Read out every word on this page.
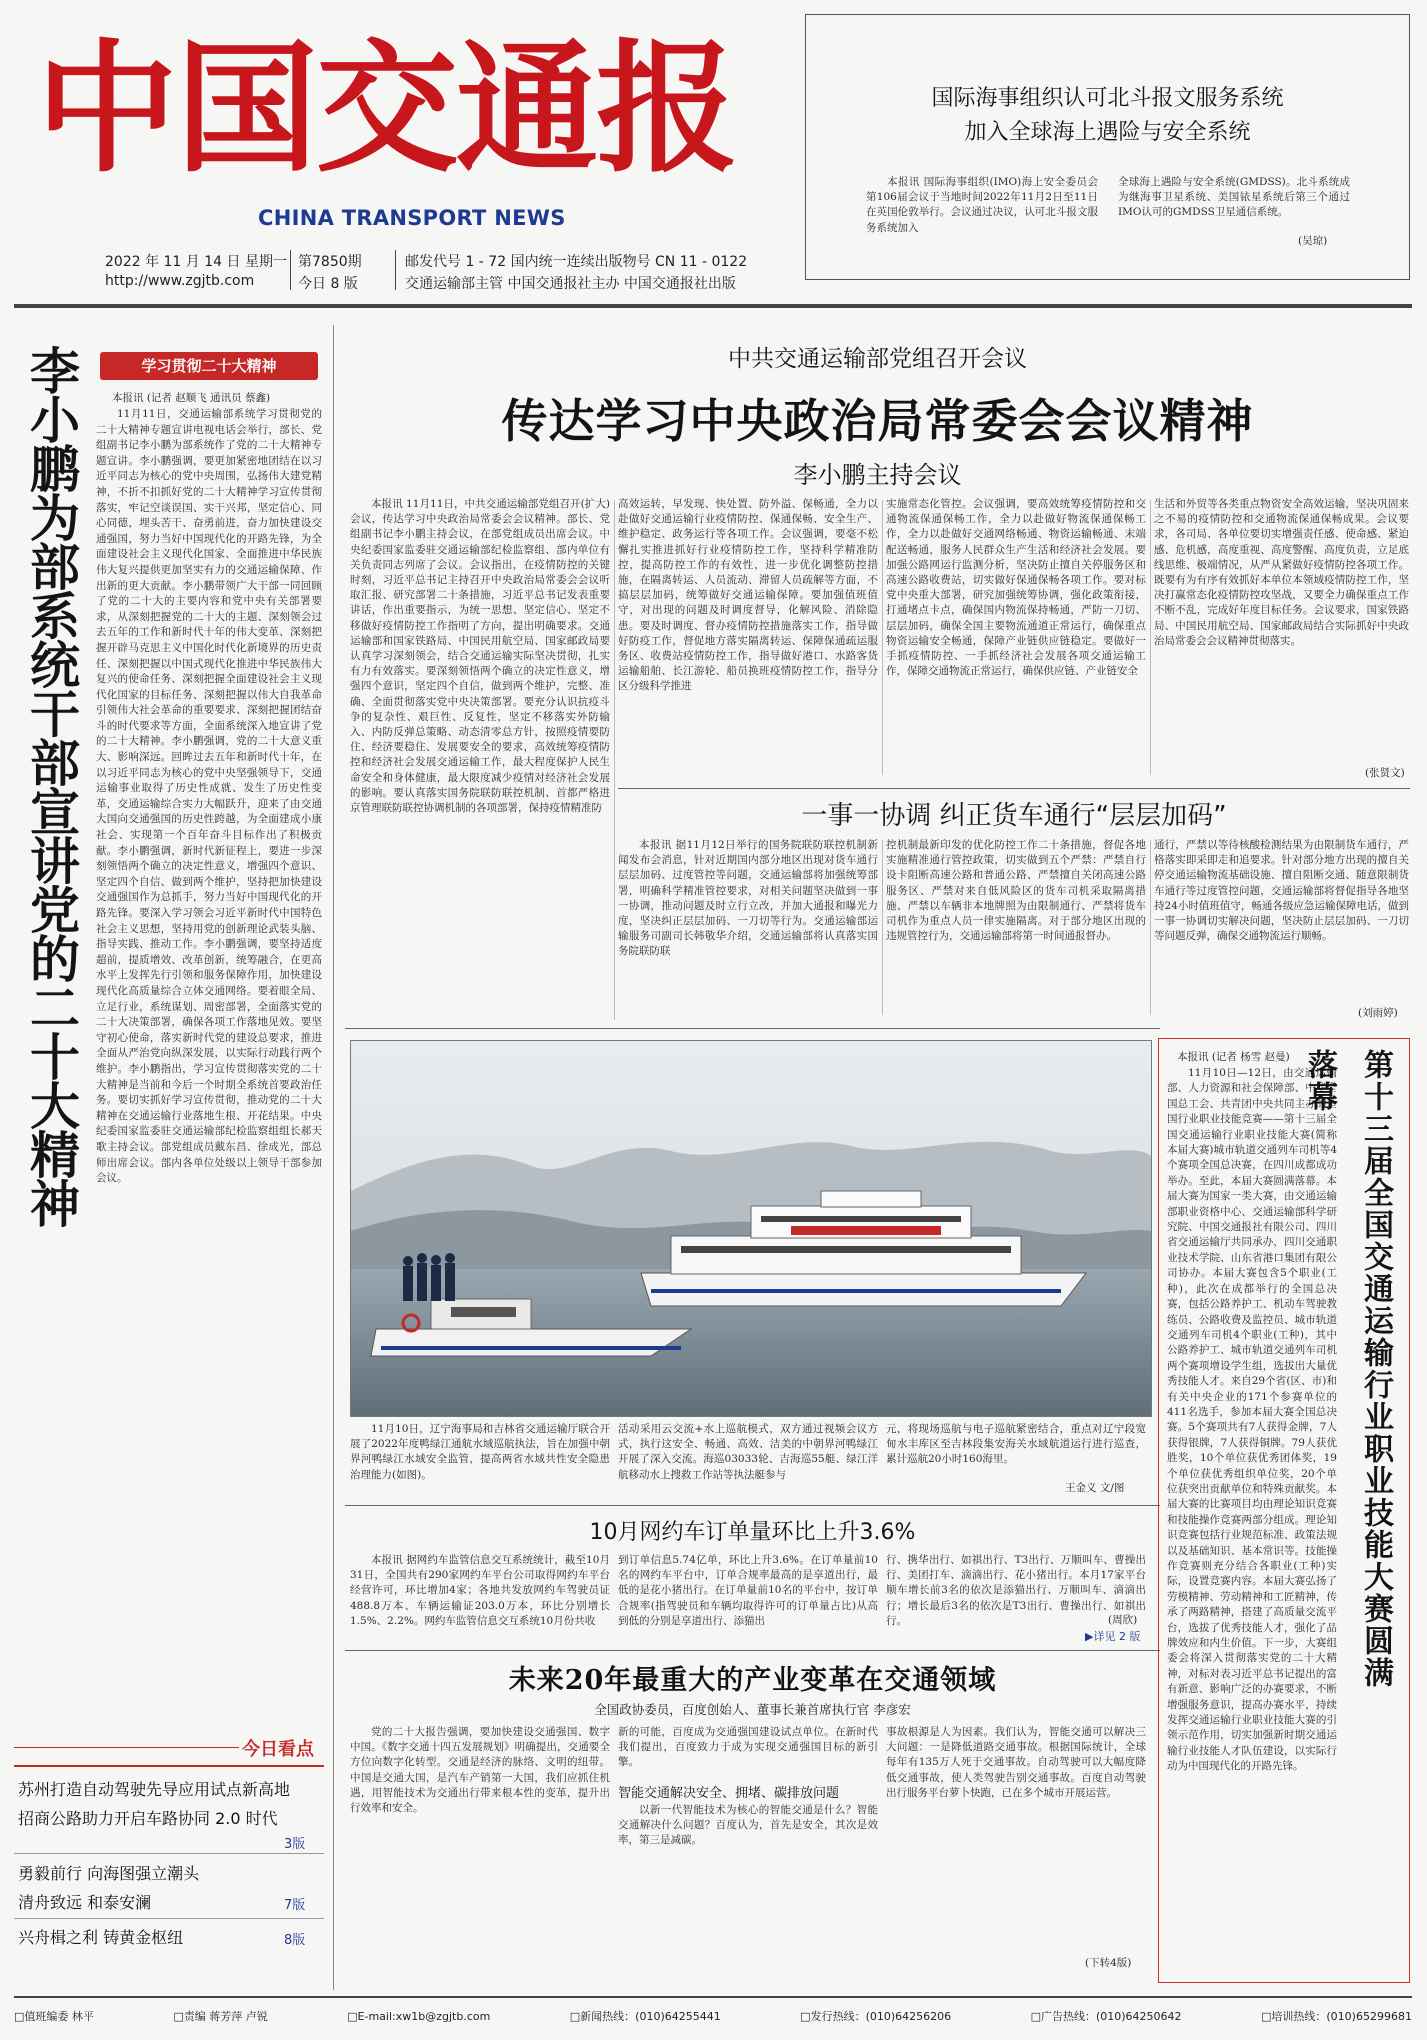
中国交通报
CHINA TRANSPORT NEWS
2022 年 11 月 14 日 星期一
http://www.zgjtb.com
第7850期
今日 8 版
邮发代号 1 - 72 国内统一连续出版物号 CN 11 - 0122
交通运输部主管 中国交通报社主办 中国交通报社出版
国际海事组织认可北斗报文服务系统
加入全球海上遇险与安全系统
本报讯 国际海事组织(IMO)海上安全委员会第106届会议于当地时间2022年11月2日至11日在英国伦敦举行。会议通过决议，认可北斗报文服务系统加入
全球海上遇险与安全系统(GMDSS)。北斗系统成为继海事卫星系统、美国铱星系统后第三个通过IMO认可的GMDSS卫星通信系统。
(吴琼)
李小鹏为部系统干部宣讲党的二十大精神	学习贯彻二十大精神
本报讯 (记者 赵顺飞 通讯员 蔡鑫)
11月11日，交通运输部系统学习贯彻党的二十大精神专题宣讲电视电话会举行，部长、党组副书记李小鹏为部系统作了党的二十大精神专题宣讲。李小鹏强调，要更加紧密地团结在以习近平同志为核心的党中央周围，弘扬伟大建党精神，不折不扣抓好党的二十大精神学习宣传贯彻落实，牢记空谈误国、实干兴邦，坚定信心、同心同德，埋头苦干、奋勇前进，奋力加快建设交通强国，努力当好中国现代化的开路先锋，为全面建设社会主义现代化国家、全面推进中华民族伟大复兴提供更加坚实有力的交通运输保障、作出新的更大贡献。李小鹏带领广大干部一同回顾了党的二十大的主要内容和党中央有关部署要求，从深刻把握党的二十大的主题、深刻领会过去五年的工作和新时代十年的伟大变革、深刻把握开辟马克思主义中国化时代化新境界的历史责任、深刻把握以中国式现代化推进中华民族伟大复兴的使命任务、深刻把握全面建设社会主义现代化国家的目标任务、深刻把握以伟大自我革命引领伟大社会革命的重要要求、深刻把握团结奋斗的时代要求等方面，全面系统深入地宣讲了党的二十大精神。李小鹏强调，党的二十大意义重大、影响深远。回眸过去五年和新时代十年，在以习近平同志为核心的党中央坚强领导下，交通运输事业取得了历史性成就、发生了历史性变革，交通运输综合实力大幅跃升，迎来了由交通大国向交通强国的历史性跨越，为全面建成小康社会、实现第一个百年奋斗目标作出了积极贡献。李小鹏强调，新时代新征程上，要进一步深刻领悟两个确立的决定性意义，增强四个意识、坚定四个自信、做到两个维护，坚持把加快建设交通强国作为总抓手，努力当好中国现代化的开路先锋。要深入学习领会习近平新时代中国特色社会主义思想，坚持用党的创新理论武装头脑、指导实践、推动工作。李小鹏强调，要坚持适度超前，提质增效、改革创新，统筹融合，在更高水平上发挥先行引领和服务保障作用，加快建设现代化高质量综合立体交通网络。要着眼全局、立足行业，系统谋划、周密部署，全面落实党的二十大决策部署，确保各项工作落地见效。要坚守初心使命，落实新时代党的建设总要求，推进全面从严治党向纵深发展，以实际行动践行两个维护。李小鹏指出，学习宣传贯彻落实党的二十大精神是当前和今后一个时期全系统首要政治任务。要切实抓好学习宣传贯彻，推动党的二十大精神在交通运输行业落地生根、开花结果。中央纪委国家监委驻交通运输部纪检监察组组长郝天歌主持会议。部党组成员戴东昌、徐成光，部总师出席会议。部内各单位处级以上领导干部参加会议。
今日看点
苏州打造自动驾驶先导应用试点新高地
招商公路助力开启车路协同 2.0 时代
3版
勇毅前行 向海图强立潮头
清舟致远 和泰安澜	7版
兴舟楫之利 铸黄金枢纽	8版
中共交通运输部党组召开会议
传达学习中央政治局常委会会议精神
李小鹏主持会议
本报讯 11月11日，中共交通运输部党组召开(扩大)会议，传达学习中央政治局常委会会议精神。部长、党组副书记李小鹏主持会议，在部党组成员出席会议。中央纪委国家监委驻交通运输部纪检监察组、部内单位有关负责同志列席了会议。会议指出，在疫情防控的关键时刻，习近平总书记主持召开中央政治局常委会会议听取汇报、研究部署二十条措施，习近平总书记发表重要讲话，作出重要指示，为统一思想、坚定信心、坚定不移做好疫情防控工作指明了方向，提出明确要求。交通运输部和国家铁路局、中国民用航空局、国家邮政局要认真学习深刻领会，结合交通运输实际坚决贯彻，扎实有力有效落实。要深刻领悟两个确立的决定性意义，增强四个意识，坚定四个自信，做到两个维护，完整、准确、全面贯彻落实党中央决策部署。要充分认识抗疫斗争的复杂性、艰巨性、反复性，坚定不移落实外防输入、内防反弹总策略、动态清零总方针，按照疫情要防住、经济要稳住、发展要安全的要求，高效统筹疫情防控和经济社会发展交通运输工作，最大程度保护人民生命安全和身体健康，最大限度减少疫情对经济社会发展的影响。要认真落实国务院联防联控机制、首都严格进京管理联防联控协调机制的各项部署，保持疫情精准防
高效运转，早发现、快处置、防外溢、保畅通，全力以赴做好交通运输行业疫情防控、保通保畅、安全生产、维护稳定、政务运行等各项工作。会议强调，要毫不松懈扎实推进抓好行业疫情防控工作，坚持科学精准防控，提高防控工作的有效性，进一步优化调整防控措施，在隔离转运、人员流动、滞留人员疏解等方面，不搞层层加码，统筹做好交通运输保障。要加强值班值守，对出现的问题及时调度督导，化解风险、消除隐患。要及时调度、督办疫情防控措施落实工作，指导做好防疫工作，督促地方落实隔离转运、保障保通疏运服务区、收费站疫情防控工作，指导做好港口、水路客货运输船舶、长江游轮、船员换班疫情防控工作，指导分区分级科学推进
实施常态化管控。会议强调，要高效统筹疫情防控和交通物流保通保畅工作，全力以赴做好物流保通保畅工作，全力以赴做好交通网络畅通、物资运输畅通、末端配送畅通，服务人民群众生产生活和经济社会发展。要加强公路网运行监测分析，坚决防止擅自关停服务区和高速公路收费站，切实做好保通保畅各项工作。要对标党中央重大部署，研究加强统筹协调，强化政策衔接，打通堵点卡点，确保国内物流保持畅通，严防一刀切、层层加码，确保全国主要物流通道正常运行，确保重点物资运输安全畅通，保障产业链供应链稳定。要做好一手抓疫情防控、一手抓经济社会发展各项交通运输工作，保障交通物流正常运行，确保供应链、产业链安全
生活和外贸等各类重点物资安全高效运输，坚决巩固来之不易的疫情防控和交通物流保通保畅成果。会议要求，各司局、各单位要切实增强责任感、使命感、紧迫感、危机感，高度重视、高度警醒、高度负责，立足底线思维、极端情况，从严从紧做好疫情防控各项工作。既要有为有序有效抓好本单位本领域疫情防控工作，坚决打赢常态化疫情防控攻坚战，又要全力确保重点工作不断不乱，完成好年度目标任务。会议要求，国家铁路局、中国民用航空局、国家邮政局结合实际抓好中央政治局常委会会议精神贯彻落实。
(张贤文)
一事一协调 纠正货车通行“层层加码”
本报讯 据11月12日举行的国务院联防联控机制新闻发布会消息，针对近期国内部分地区出现对货车通行层层加码、过度管控等问题，交通运输部将加强统筹部署，明确科学精准管控要求，对相关问题坚决做到一事一协调，推动问题及时立行立改，并加大通报和曝光力度，坚决纠正层层加码、一刀切等行为。交通运输部运输服务司副司长韩敬华介绍，交通运输部将认真落实国务院联防联
控机制最新印发的优化防控工作二十条措施，督促各地实施精准通行管控政策，切实做到五个严禁：严禁自行设卡阻断高速公路和普通公路、严禁擅自关闭高速公路服务区、严禁对来自低风险区的货车司机采取隔离措施、严禁以车辆非本地牌照为由限制通行、严禁将货车司机作为重点人员一律实施隔离。对于部分地区出现的违规管控行为，交通运输部将第一时间通报督办。
通行，严禁以等待核酸检测结果为由限制货车通行，严格落实即采即走和追要求。针对部分地方出现的擅自关停交通运输物流基础设施、擅自阻断交通、随意限制货车通行等过度管控问题，交通运输部将督促指导各地坚持24小时值班值守，畅通各级应急运输保障电话，做到一事一协调切实解决问题，坚决防止层层加码、一刀切等问题反弹，确保交通物流运行顺畅。
(刘雨婷)
11月10日，辽宁海事局和吉林省交通运输厅联合开展了2022年度鸭绿江通航水域巡航执法，旨在加强中朝界河鸭绿江水域安全监管，提高两省水域共性安全隐患治理能力(如图)。
活动采用云交流+水上巡航模式，双方通过视频会议方式，执行这安全、畅通、高效、洁美的中朝界河鸭绿江开展了深入交流。海巡03033轮、吉海巡55艇、绿江洋航移动水上搜救工作站等执法艇参与
元，将现场巡航与电子巡航紧密结合，重点对辽宁段宽甸水丰库区至吉林段集安海关水域航道运行进行巡查，累计巡航20小时160海里。
王金义 文/图
10月网约车订单量环比上升3.6%
本报讯 据网约车监管信息交互系统统计，截至10月31日，全国共有290家网约车平台公司取得网约车平台经营许可，环比增加4家；各地共发放网约车驾驶员证488.8万本、车辆运输证203.0万本，环比分别增长1.5%、2.2%。网约车监管信息交互系统10月份共收
到订单信息5.74亿单，环比上升3.6%。在订单量前10名的网约车平台中，订单合规率最高的是享道出行，最低的是花小猪出行。在订单量前10名的平台中，按订单合规率(指驾驶员和车辆均取得许可的订单量占比)从高到低的分别是享道出行、添猫出
行、携华出行、如祺出行、T3出行、万顺叫车、曹操出行、美团打车、滴滴出行、花小猪出行。本月17家平台顺车增长前3名的依次是添猫出行、万顺叫车、滴滴出行；增长最后3名的依次是T3出行、曹操出行、如祺出行。	(周欣)
▶详见 2 版
未来20年最重大的产业变革在交通领域
全国政协委员，百度创始人、董事长兼首席执行官 李彦宏
党的二十大报告强调，要加快建设交通强国、数字中国。《数字交通十四五发展规划》明确提出，交通要全方位向数字化转型。交通是经济的脉络、文明的纽带。中国是交通大国，是汽车产销第一大国，我们应抓住机遇，用智能技术为交通出行带来根本性的变革，提升出行效率和安全。
新的可能，百度成为交通强国建设试点单位。在新时代我们提出，百度致力于成为实现交通强国目标的新引擎。
智能交通解决安全、拥堵、碳排放问题
以新一代智能技术为核心的智能交通是什么？智能交通解决什么问题？百度认为，首先是安全，其次是效率，第三是减碳。
事故根源是人为因素。我们认为，智能交通可以解决三大问题：一是降低道路交通事故。根据国际统计，全球每年有135万人死于交通事故。自动驾驶可以大幅度降低交通事故，使人类驾驶告别交通事故。百度自动驾驶出行服务平台萝卜快跑，已在多个城市开展运营。
(下转4版)
本报讯 (记者 杨雪 赵曼)
11月10日—12日，由交通运输部、人力资源和社会保障部、中华全国总工会、共青团中央共同主办的全国行业职业技能竞赛——第十三届全国交通运输行业职业技能大赛(简称本届大赛)城市轨道交通列车司机等4个赛项全国总决赛，在四川成都成功举办。至此，本届大赛圆满落幕。本届大赛为国家一类大赛，由交通运输部职业资格中心、交通运输部科学研究院、中国交通报社有限公司、四川省交通运输厅共同承办，四川交通职业技术学院、山东省港口集团有限公司协办。本届大赛包含5个职业(工种)，此次在成都举行的全国总决赛，包括公路养护工、机动车驾驶教练员、公路收费及监控员、城市轨道交通列车司机4个职业(工种)，其中公路养护工、城市轨道交通列车司机两个赛项增设学生组，选拔出大量优秀技能人才。来自29个省(区、市)和有关中央企业的171个参赛单位的411名选手，参加本届大赛全国总决赛。5个赛项共有7人获得金牌，7人获得银牌，7人获得铜牌。79人获优胜奖，10个单位获优秀团体奖，19个单位获优秀组织单位奖，20个单位获突出贡献单位和特殊贡献奖。本届大赛的比赛项目均由理论知识竞赛和技能操作竞赛两部分组成。理论知识竞赛包括行业规范标准、政策法规以及基础知识、基本常识等。技能操作竞赛则充分结合各职业(工种)实际，设置竞赛内容。本届大赛弘扬了劳模精神、劳动精神和工匠精神，传承了两路精神，搭建了高质量交流平台，选拔了优秀技能人才，强化了品牌效应和内生价值。下一步，大赛组委会将深入贯彻落实党的二十大精神，对标对表习近平总书记提出的富有新意、影响广泛的办赛要求，不断增强服务意识，提高办赛水平，持续发挥交通运输行业职业技能大赛的引领示范作用，切实加强新时期交通运输行业技能人才队伍建设，以实际行动为中国现代化的开路先锋。
第十三届全国交通运输行业职业技能大赛圆满落幕
□值班编委 林平	□责编 蒋芳萍 卢锐	□E-mail:xw1b@zgjtb.com	□新闻热线：(010)64255441	□发行热线：(010)64256206	□广告热线：(010)64250642	□培训热线：(010)65299681
